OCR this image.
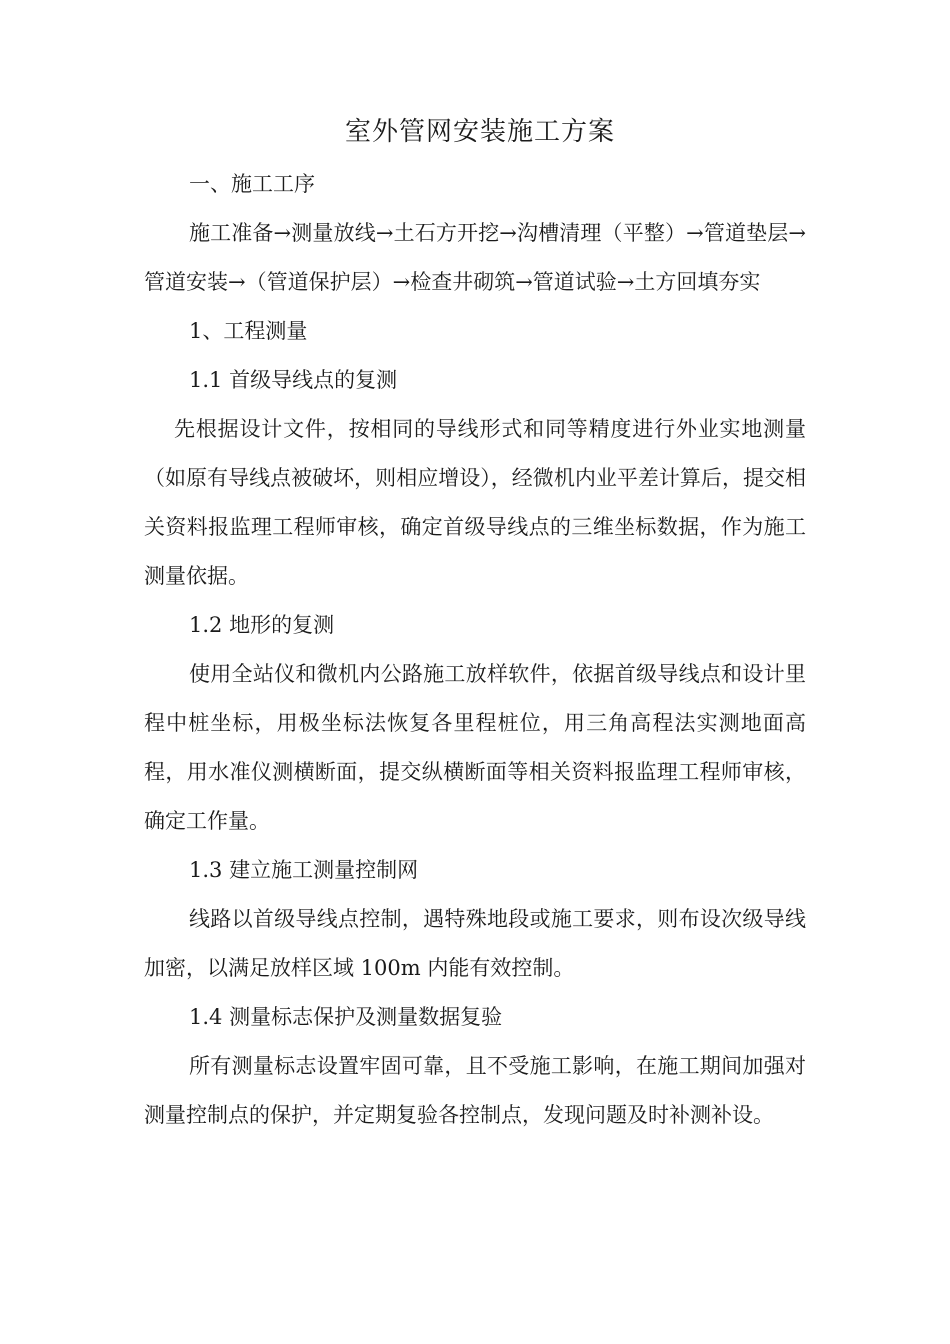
室外管网安装施工方案

一、施工工序

施工准备→测量放线→土石方开挖→沟槽清理（平整）→管道垫层→管道安装→（管道保护层）→检查井砌筑→管道试验→土方回填夯实

1、工程测量

1.1 首级导线点的复测

先根据设计文件，按相同的导线形式和同等精度进行外业实地测量（如原有导线点被破坏，则相应增设），经微机内业平差计算后，提交相关资料报监理工程师审核，确定首级导线点的三维坐标数据，作为施工测量依据。

1.2 地形的复测

使用全站仪和微机内公路施工放样软件，依据首级导线点和设计里程中桩坐标，用极坐标法恢复各里程桩位，用三角高程法实测地面高程，用水准仪测横断面，提交纵横断面等相关资料报监理工程师审核，确定工作量。

1.3 建立施工测量控制网

线路以首级导线点控制，遇特殊地段或施工要求，则布设次级导线加密，以满足放样区域 100m 内能有效控制。

1.4 测量标志保护及测量数据复验

所有测量标志设置牢固可靠，且不受施工影响，在施工期间加强对测量控制点的保护，并定期复验各控制点，发现问题及时补测补设。
